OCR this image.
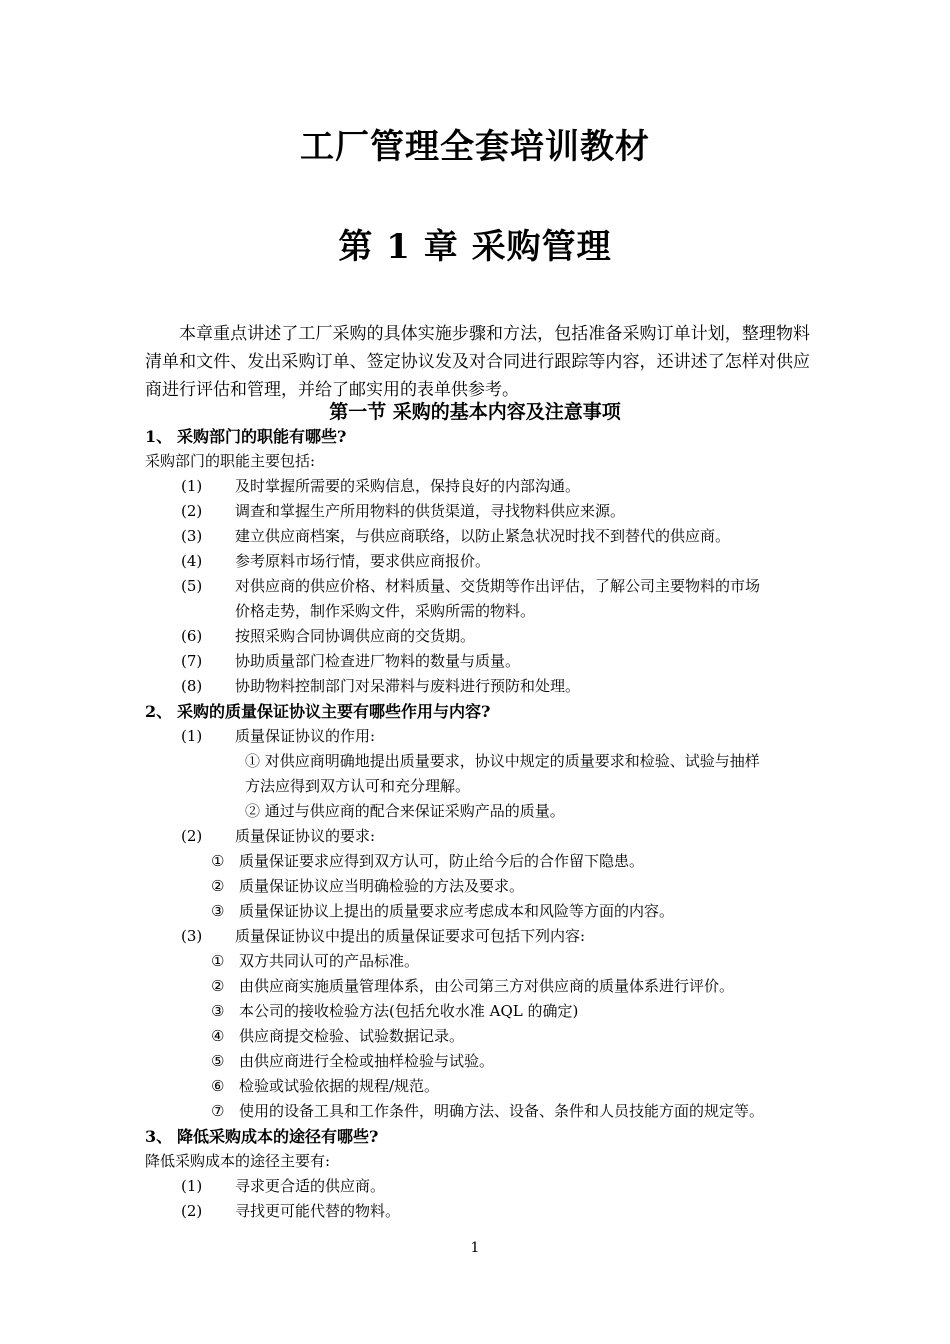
工厂管理全套培训教材
第 1 章 采购管理

本章重点讲述了工厂采购的具体实施步骤和方法，包括准备采购订单计划，整理物料清单和文件、发出采购订单、签定协议发及对合同进行跟踪等内容，还讲述了怎样对供应商进行评估和管理，并给了邮实用的表单供参考。

第一节 采购的基本内容及注意事项
1、 采购部门的职能有哪些?
采购部门的职能主要包括:
(1) 及时掌握所需要的采购信息，保持良好的内部沟通。
(2) 调查和掌握生产所用物料的供货渠道，寻找物料供应来源。
(3) 建立供应商档案，与供应商联络，以防止紧急状况时找不到替代的供应商。
(4) 参考原料市场行情，要求供应商报价。
(5) 对供应商的供应价格、材料质量、交货期等作出评估，了解公司主要物料的市场
价格走势，制作采购文件，采购所需的物料。
(6) 按照采购合同协调供应商的交货期。
(7) 协助质量部门检查进厂物料的数量与质量。
(8) 协助物料控制部门对呆滞料与废料进行预防和处理。
2、 采购的质量保证协议主要有哪些作用与内容?
(1) 质量保证协议的作用:
① 对供应商明确地提出质量要求，协议中规定的质量要求和检验、试验与抽样
方法应得到双方认可和充分理解。
② 通过与供应商的配合来保证采购产品的质量。
(2) 质量保证协议的要求:
① 质量保证要求应得到双方认可，防止给今后的合作留下隐患。
② 质量保证协议应当明确检验的方法及要求。
③ 质量保证协议上提出的质量要求应考虑成本和风险等方面的内容。
(3) 质量保证协议中提出的质量保证要求可包括下列内容:
① 双方共同认可的产品标准。
② 由供应商实施质量管理体系，由公司第三方对供应商的质量体系进行评价。
③ 本公司的接收检验方法(包括允收水准 AQL 的确定)
④ 供应商提交检验、试验数据记录。
⑤ 由供应商进行全检或抽样检验与试验。
⑥ 检验或试验依据的规程/规范。
⑦ 使用的设备工具和工作条件，明确方法、设备、条件和人员技能方面的规定等。
3、 降低采购成本的途径有哪些?
降低采购成本的途径主要有:
(1) 寻求更合适的供应商。
(2) 寻找更可能代替的物料。
1
